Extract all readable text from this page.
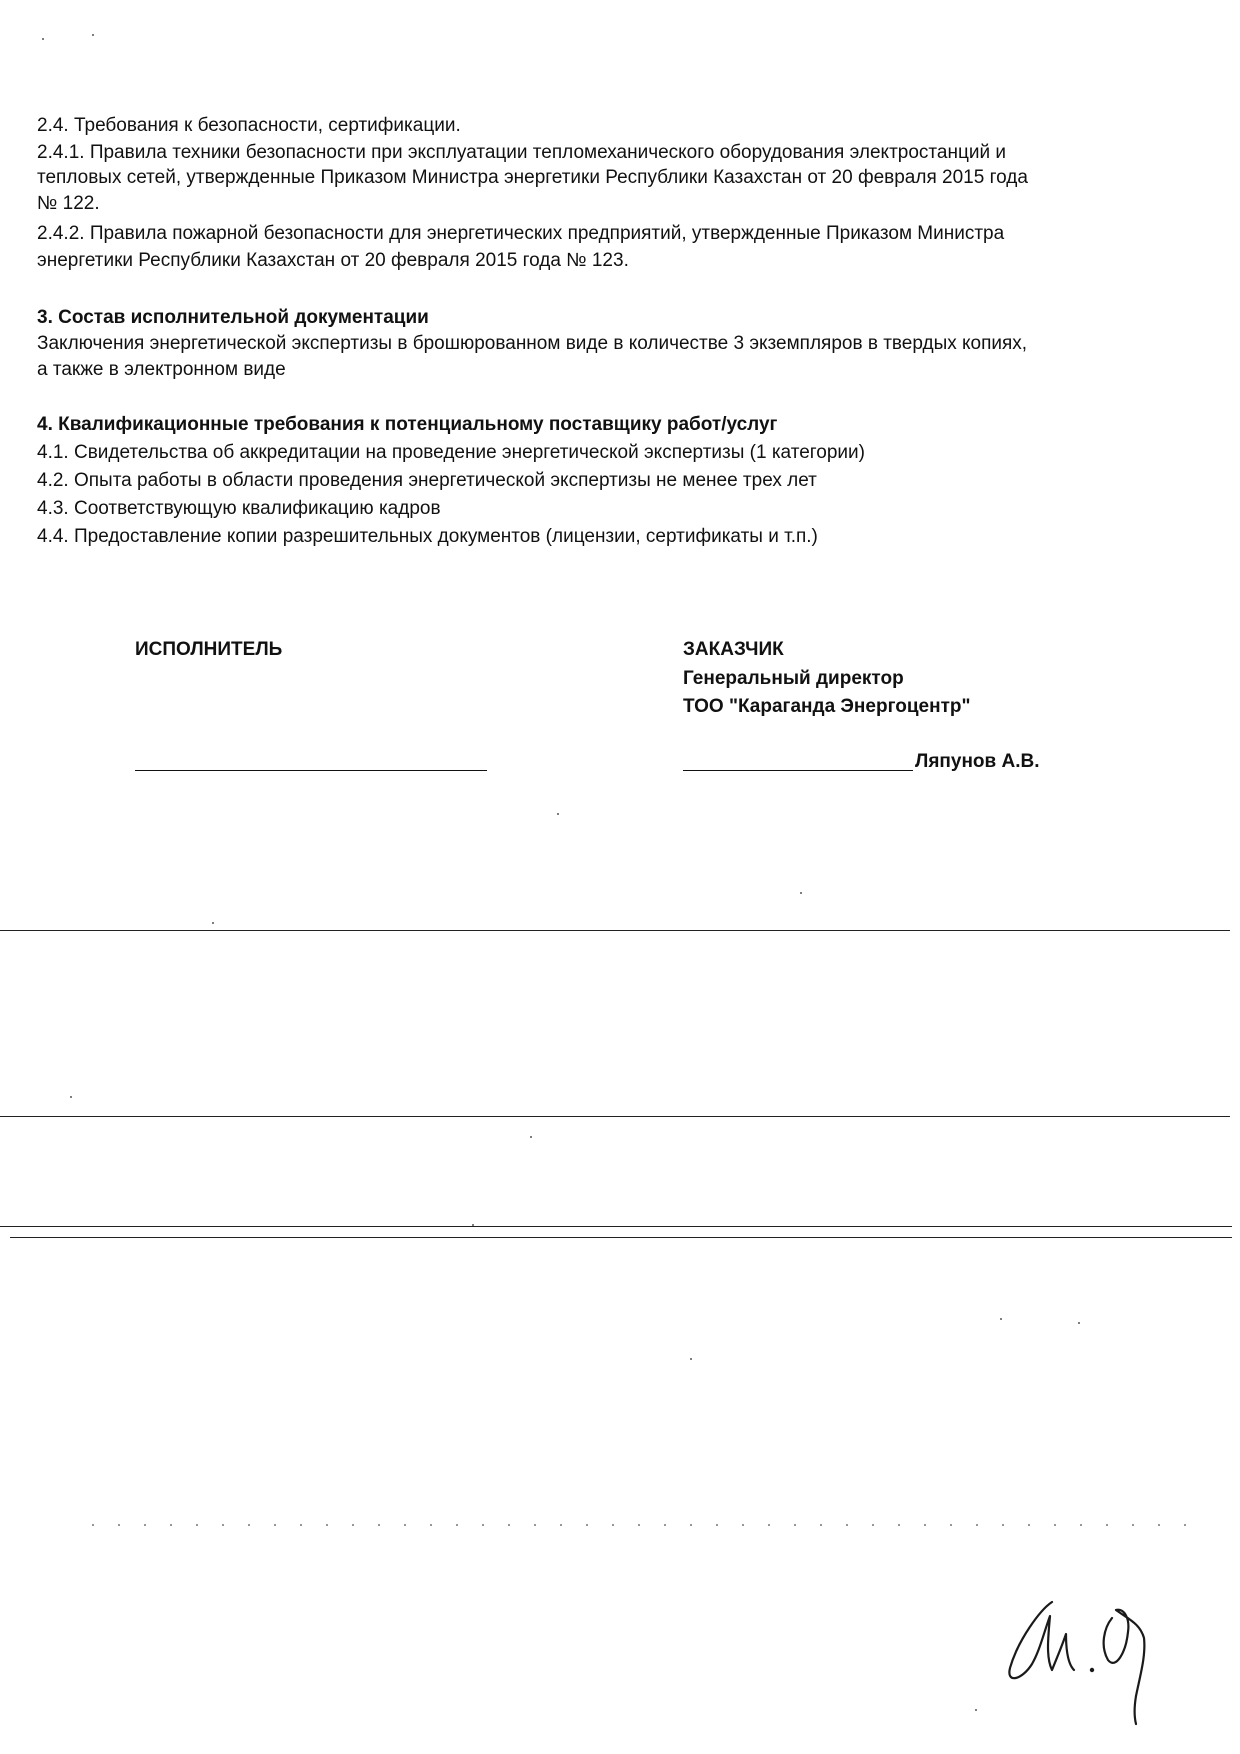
2.4. Требования к безопасности, сертификации.

2.4.1. Правила техники безопасности при эксплуатации тепломеханического оборудования электростанций и

тепловых сетей, утвержденные Приказом Министра энергетики Республики Казахстан от 20 февраля 2015 года

№ 122.

2.4.2. Правила пожарной безопасности для энергетических предприятий, утвержденные Приказом Министра

энергетики Республики Казахстан от 20 февраля 2015 года № 123.

3. Состав исполнительной документации

Заключения энергетической экспертизы в брошюрованном виде в количестве 3 экземпляров в твердых копиях,

а также в электронном виде

4. Квалификационные требования к потенциальному поставщику работ/услуг

4.1. Свидетельства об аккредитации на проведение энергетической экспертизы (1 категории)

4.2. Опыта работы в области проведения энергетической экспертизы не менее трех лет

4.3. Соответствующую квалификацию кадров

4.4. Предоставление копии разрешительных документов (лицензии, сертификаты и т.п.)

ИСПОЛНИТЕЛЬ	ЗАКАЗЧИК
Генеральный директор
ТОО "Караганда Энергоцентр"
Ляпунов А.В.
